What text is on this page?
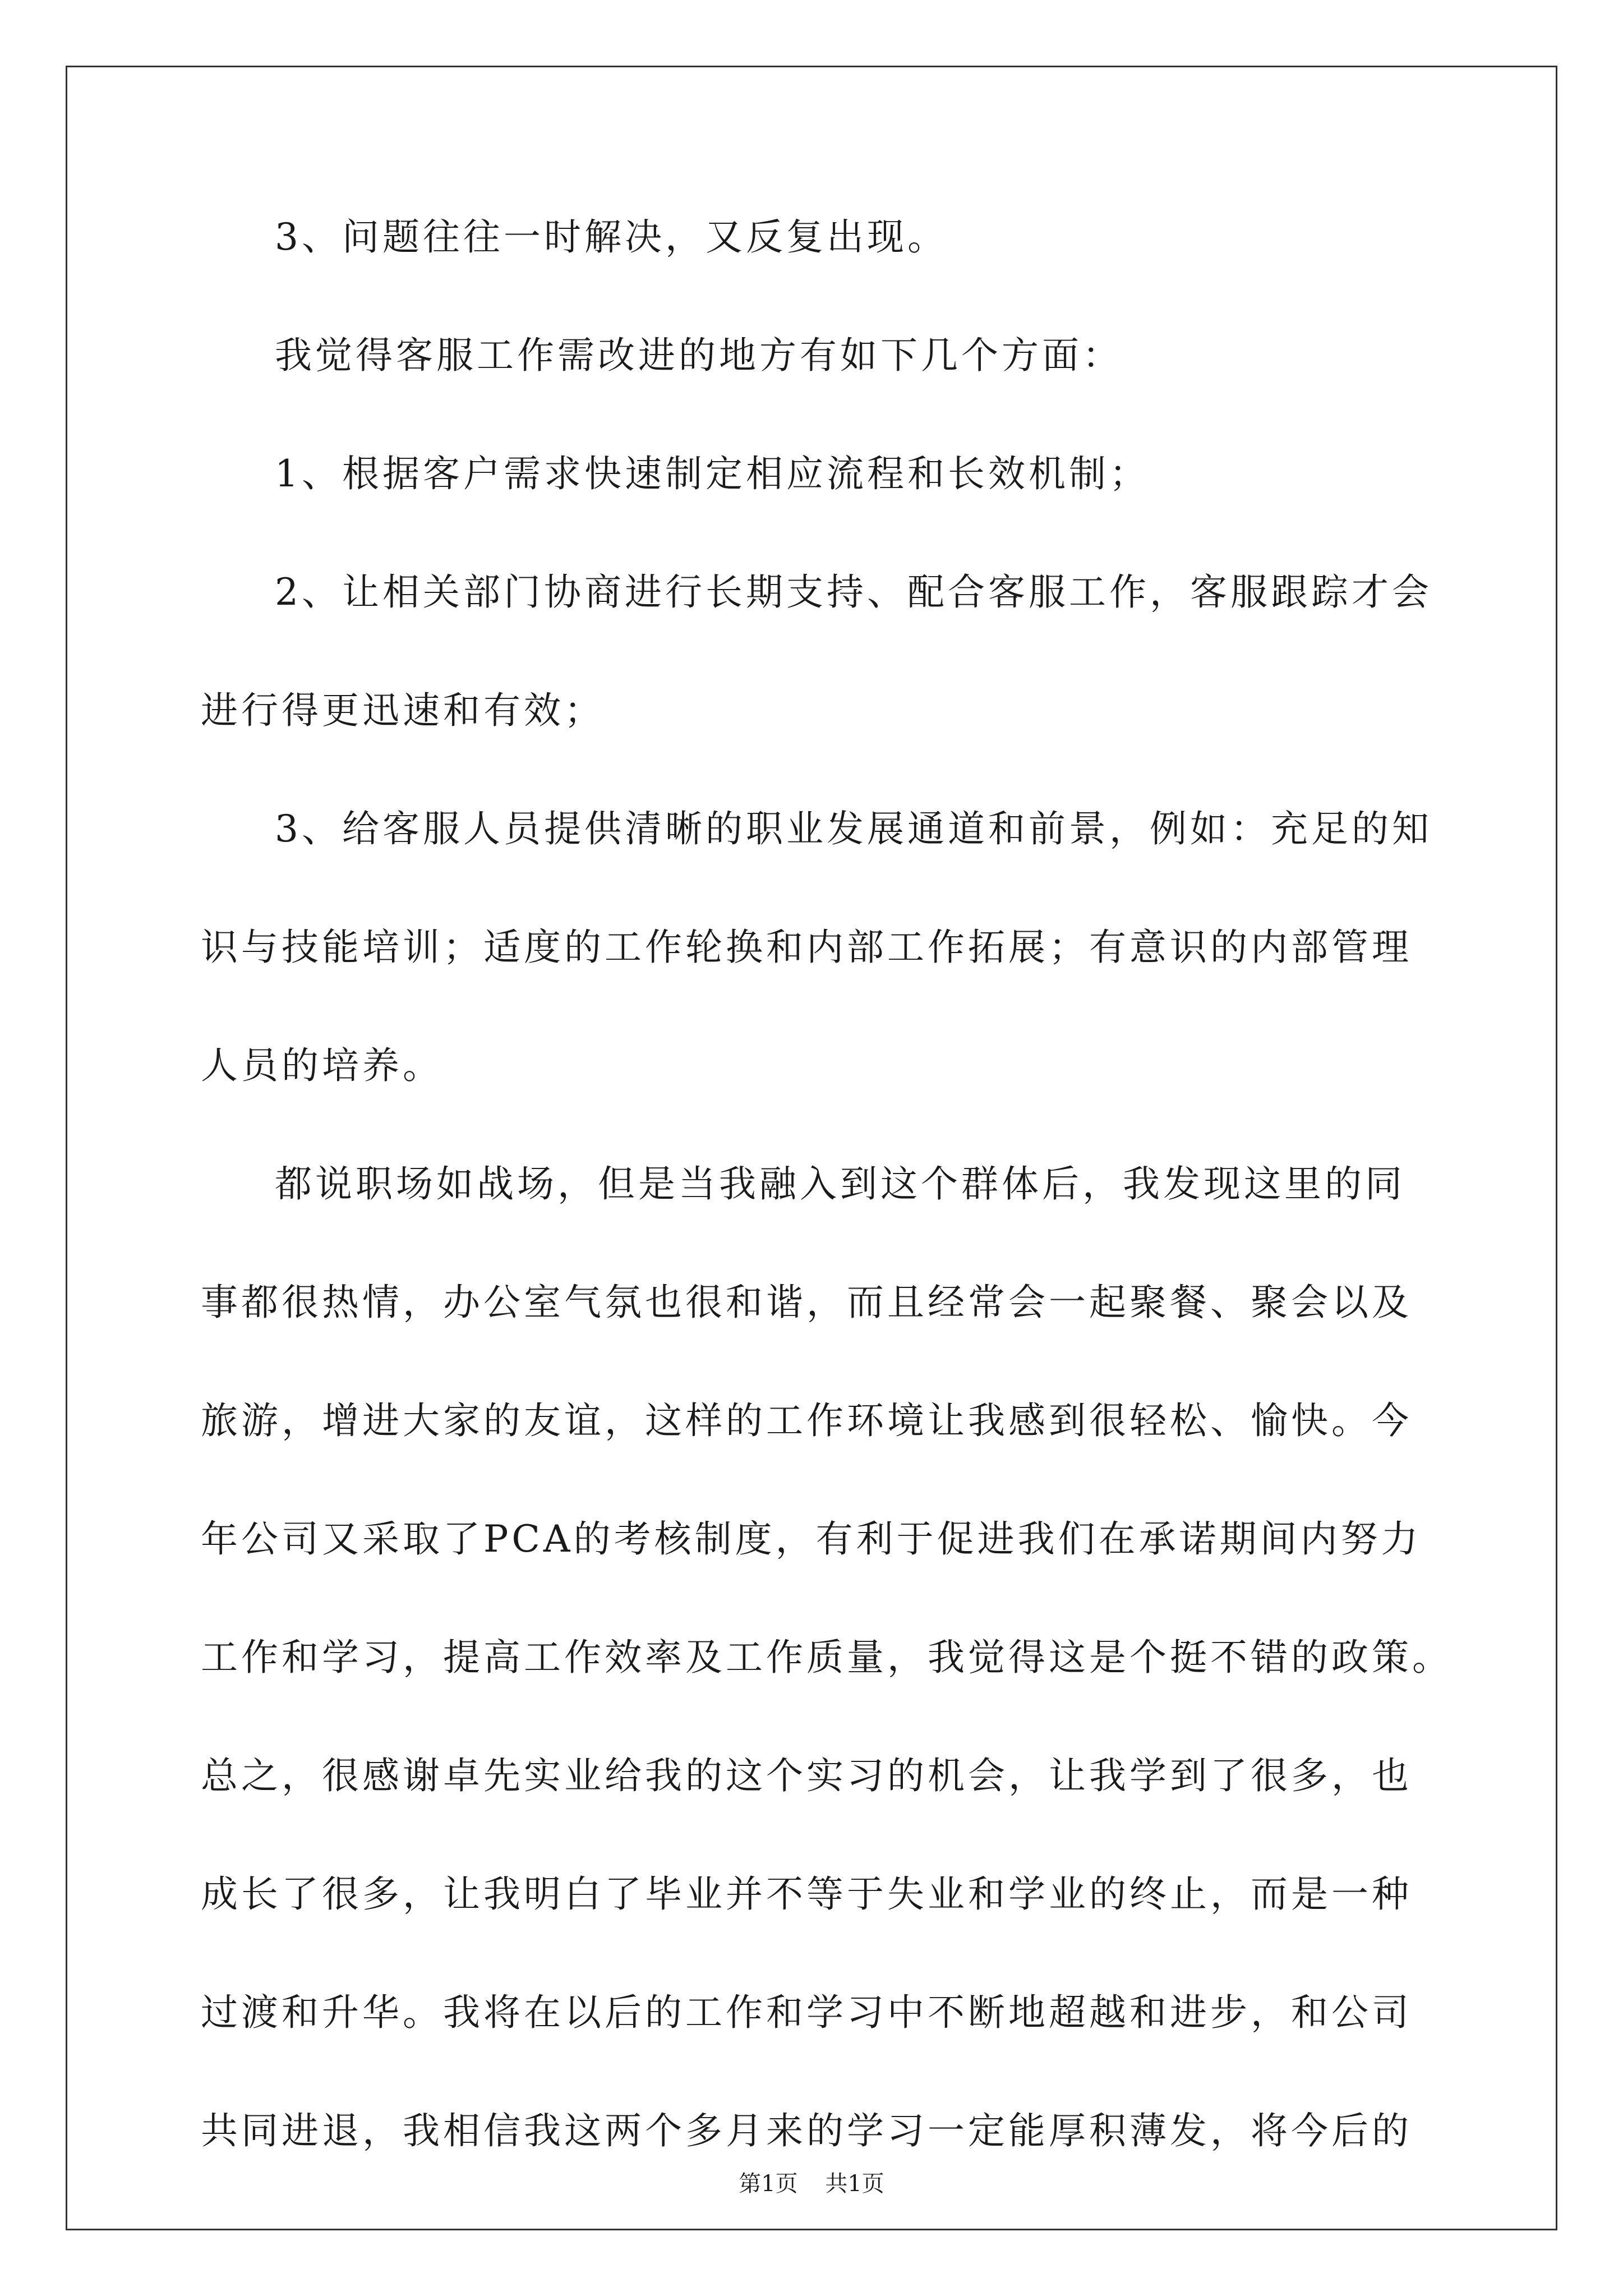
3、问题往往一时解决，又反复出现。
我觉得客服工作需改进的地方有如下几个方面：
1、根据客户需求快速制定相应流程和长效机制；
2、让相关部门协商进行长期支持、配合客服工作，客服跟踪才会
进行得更迅速和有效；
3、给客服人员提供清晰的职业发展通道和前景，例如：充足的知
识与技能培训；适度的工作轮换和内部工作拓展；有意识的内部管理
人员的培养。
都说职场如战场，但是当我融入到这个群体后，我发现这里的同
事都很热情，办公室气氛也很和谐，而且经常会一起聚餐、聚会以及
旅游，增进大家的友谊，这样的工作环境让我感到很轻松、愉快。今
年公司又采取了PCA的考核制度，有利于促进我们在承诺期间内努力
工作和学习，提高工作效率及工作质量，我觉得这是个挺不错的政策。
总之，很感谢卓先实业给我的这个实习的机会，让我学到了很多，也
成长了很多，让我明白了毕业并不等于失业和学业的终止，而是一种
过渡和升华。我将在以后的工作和学习中不断地超越和进步，和公司
共同进退，我相信我这两个多月来的学习一定能厚积薄发，将今后的
第1页 共1页
